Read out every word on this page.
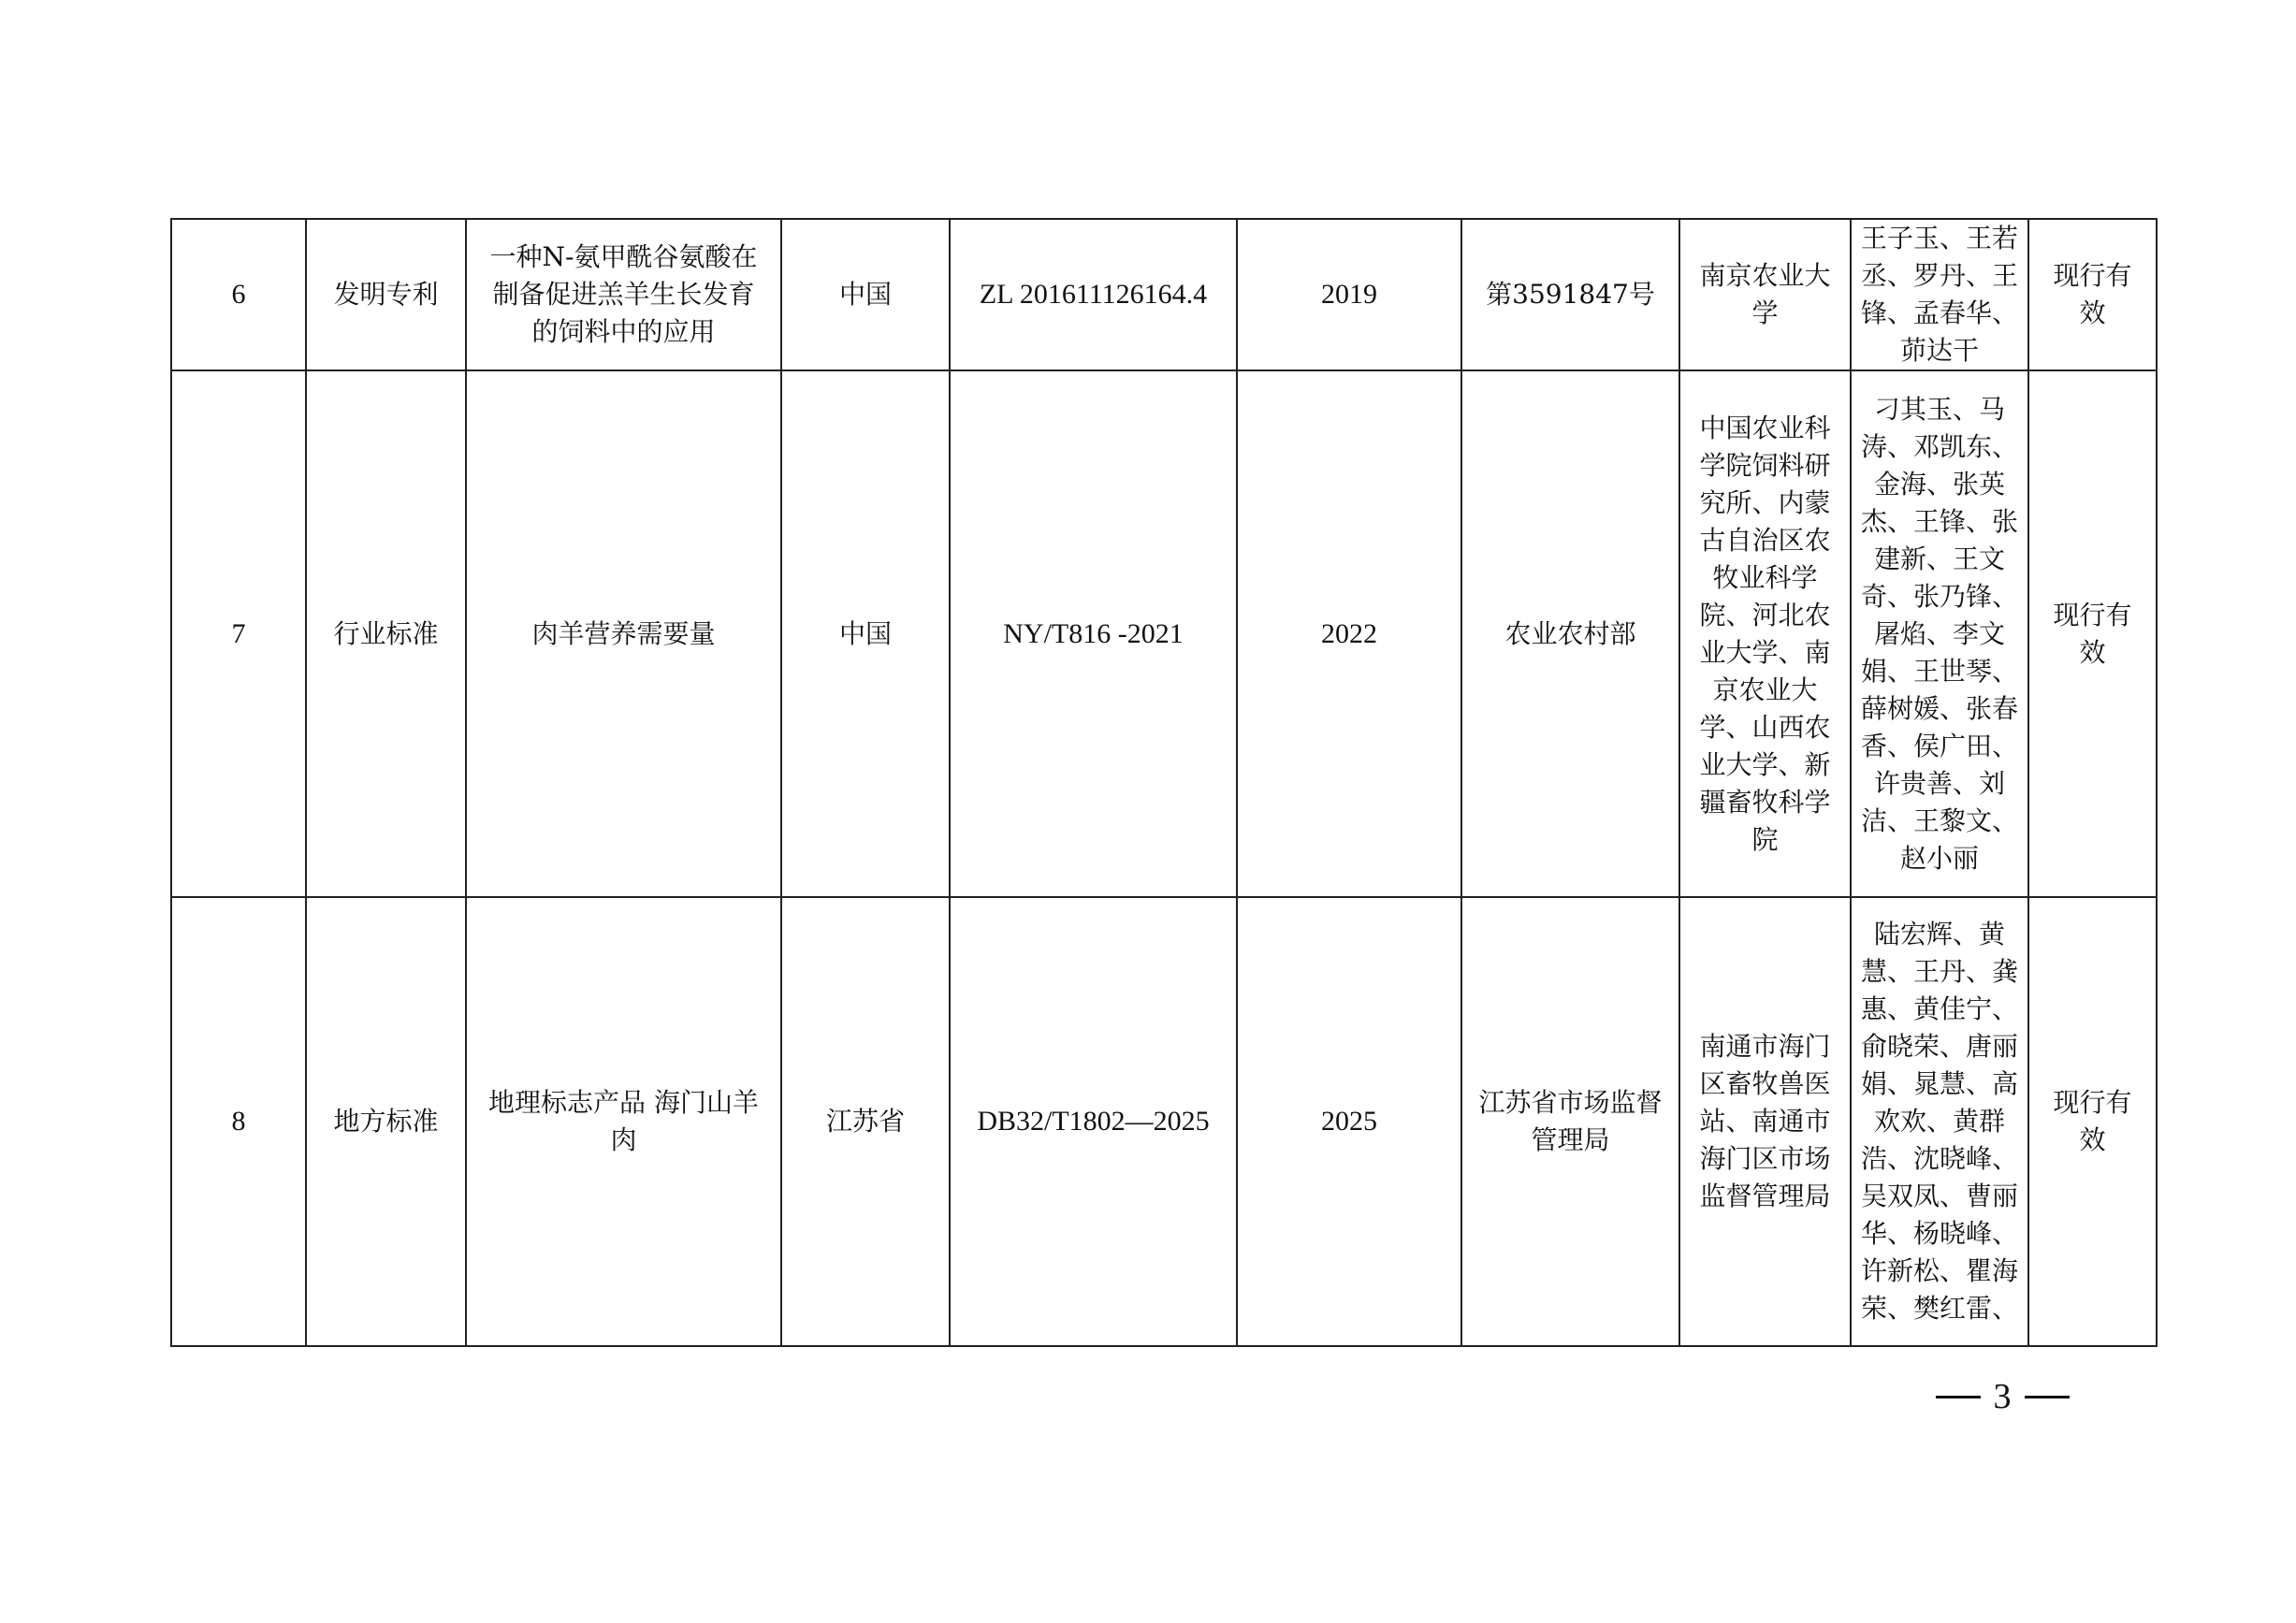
6	发明专利	一种N-氨甲酰谷氨酸在制备促进羔羊生长发育的饲料中的应用	中国	ZL 201611126164.4	2019	第3591847号	南京农业大学	王子玉、王若丞、罗丹、王锋、孟春华、茆达干	现行有效
7	行业标准	肉羊营养需要量	中国	NY/T816 -2021	2022	农业农村部	中国农业科学院饲料研究所、内蒙古自治区农牧业科学院、河北农业大学、南京农业大学、山西农业大学、新疆畜牧科学院	刁其玉、马涛、邓凯东、金海、张英杰、王锋、张建新、王文奇、张乃锋、屠焰、李文娟、王世琴、薛树媛、张春香、侯广田、许贵善、刘洁、王黎文、赵小丽	现行有效
8	地方标准	地理标志产品 海门山羊肉	江苏省	DB32/T1802—2025	2025	江苏省市场监督管理局	南通市海门区畜牧兽医站、南通市海门区市场监督管理局	陆宏辉、黄慧、王丹、龚惠、黄佳宁、俞晓荣、唐丽娟、晁慧、高欢欢、黄群浩、沈晓峰、吴双凤、曹丽华、杨晓峰、许新松、瞿海荣、樊红雷、	现行有效
3
